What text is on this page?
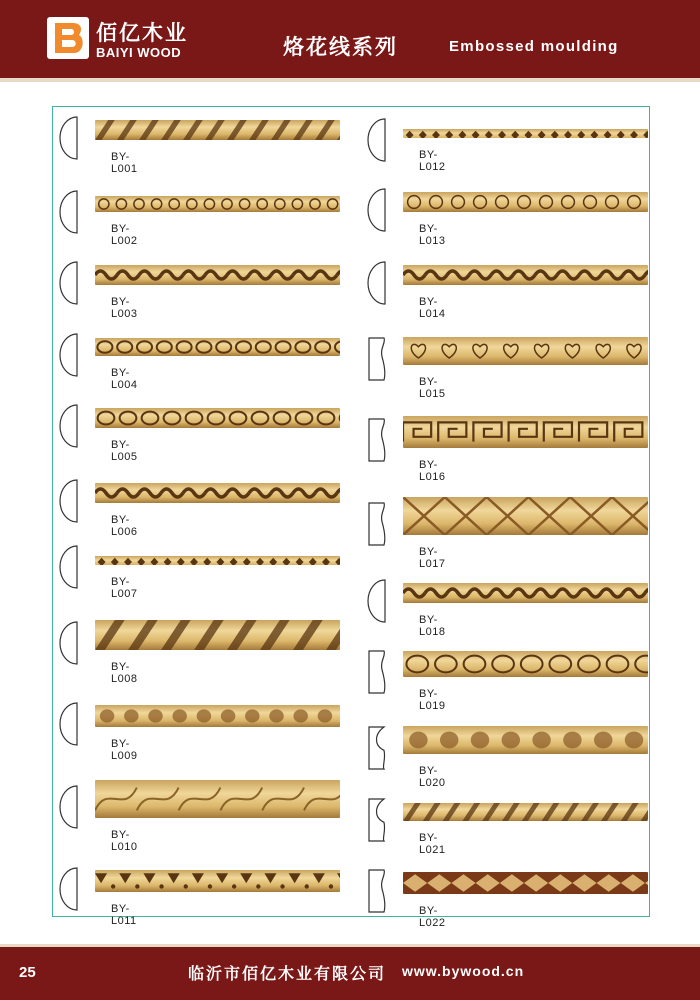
佰亿木业
BAIYI WOOD	烙花线系列	Embossed moulding
BY-L001
BY-L002
BY-L003
BY-L004
BY-L005
BY-L006
BY-L007
BY-L008
BY-L009
BY-L010
BY-L011
BY-L012
BY-L013
BY-L014
BY-L015
BY-L016
BY-L017
BY-L018
BY-L019
BY-L020
BY-L021
BY-L022
25	临沂市佰亿木业有限公司 www.bywood.cn
